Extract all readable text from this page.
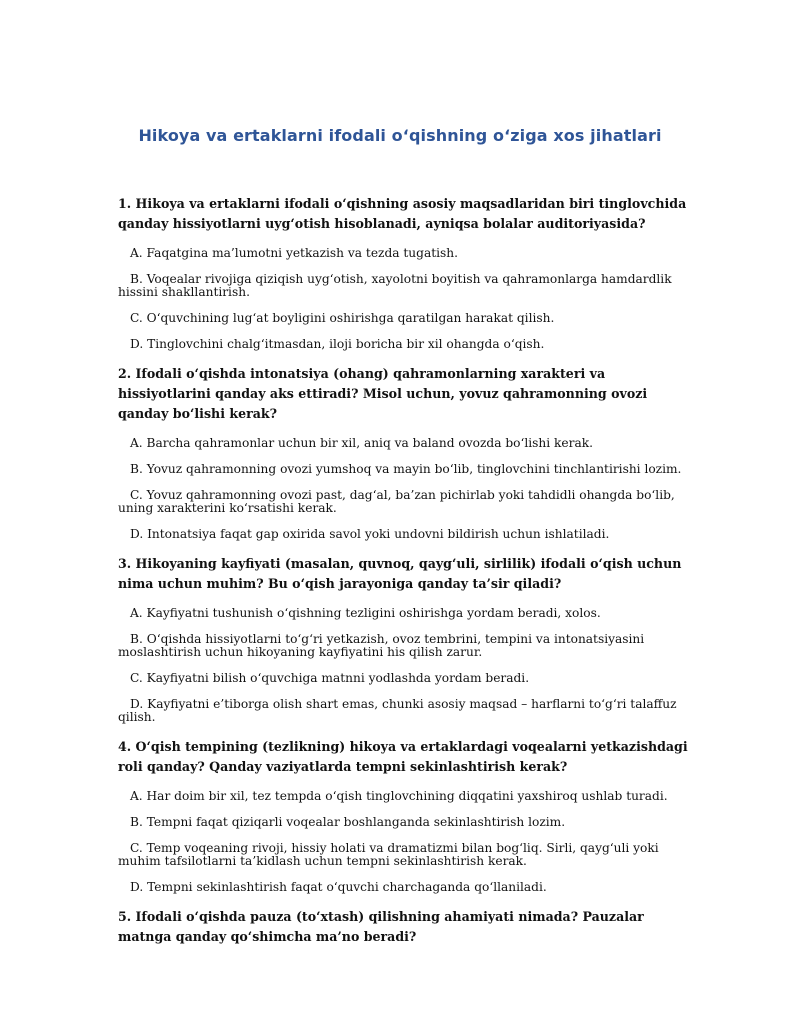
Hikoya va ertaklarni ifodali o‘qishning o‘ziga xos jihatlari

1. Hikoya va ertaklarni ifodali o‘qishning asosiy maqsadlaridan biri tinglovchida qanday hissiyotlarni uyg‘otish hisoblanadi, ayniqsa bolalar auditoriyasida?

A. Faqatgina ma’lumotni yetkazish va tezda tugatish.

B. Voqealar rivojiga qiziqish uyg‘otish, xayolotni boyitish va qahramonlarga hamdardlik hissini shakllantirish.

C. O‘quvchining lug‘at boyligini oshirishga qaratilgan harakat qilish.

D. Tinglovchini chalg‘itmasdan, iloji boricha bir xil ohangda o‘qish.

2. Ifodali o‘qishda intonatsiya (ohang) qahramonlarning xarakteri va hissiyotlarini qanday aks ettiradi? Misol uchun, yovuz qahramonning ovozi qanday bo‘lishi kerak?

A. Barcha qahramonlar uchun bir xil, aniq va baland ovozda bo‘lishi kerak.

B. Yovuz qahramonning ovozi yumshoq va mayin bo‘lib, tinglovchini tinchlantirishi lozim.

C. Yovuz qahramonning ovozi past, dag‘al, ba’zan pichirlab yoki tahdidli ohangda bo‘lib, uning xarakterini ko‘rsatishi kerak.

D. Intonatsiya faqat gap oxirida savol yoki undovni bildirish uchun ishlatiladi.

3. Hikoyaning kayfiyati (masalan, quvnoq, qayg‘uli, sirlilik) ifodali o‘qish uchun nima uchun muhim? Bu o‘qish jarayoniga qanday ta’sir qiladi?

A. Kayfiyatni tushunish o‘qishning tezligini oshirishga yordam beradi, xolos.

B. O‘qishda hissiyotlarni to‘g‘ri yetkazish, ovoz tembrini, tempini va intonatsiyasini moslashtirish uchun hikoyaning kayfiyatini his qilish zarur.

C. Kayfiyatni bilish o‘quvchiga matnni yodlashda yordam beradi.

D. Kayfiyatni e’tiborga olish shart emas, chunki asosiy maqsad – harflarni to‘g‘ri talaffuz qilish.

4. O‘qish tempining (tezlikning) hikoya va ertaklardagi voqealarni yetkazishdagi roli qanday? Qanday vaziyatlarda tempni sekinlashtirish kerak?

A. Har doim bir xil, tez tempda o‘qish tinglovchining diqqatini yaxshiroq ushlab turadi.

B. Tempni faqat qiziqarli voqealar boshlanganda sekinlashtirish lozim.

C. Temp voqeaning rivoji, hissiy holati va dramatizmi bilan bog‘liq. Sirli, qayg‘uli yoki muhim tafsilotlarni ta’kidlash uchun tempni sekinlashtirish kerak.

D. Tempni sekinlashtirish faqat o‘quvchi charchaganda qo‘llaniladi.

5. Ifodali o‘qishda pauza (to‘xtash) qilishning ahamiyati nimada? Pauzalar matnga qanday qo‘shimcha ma’no beradi?
